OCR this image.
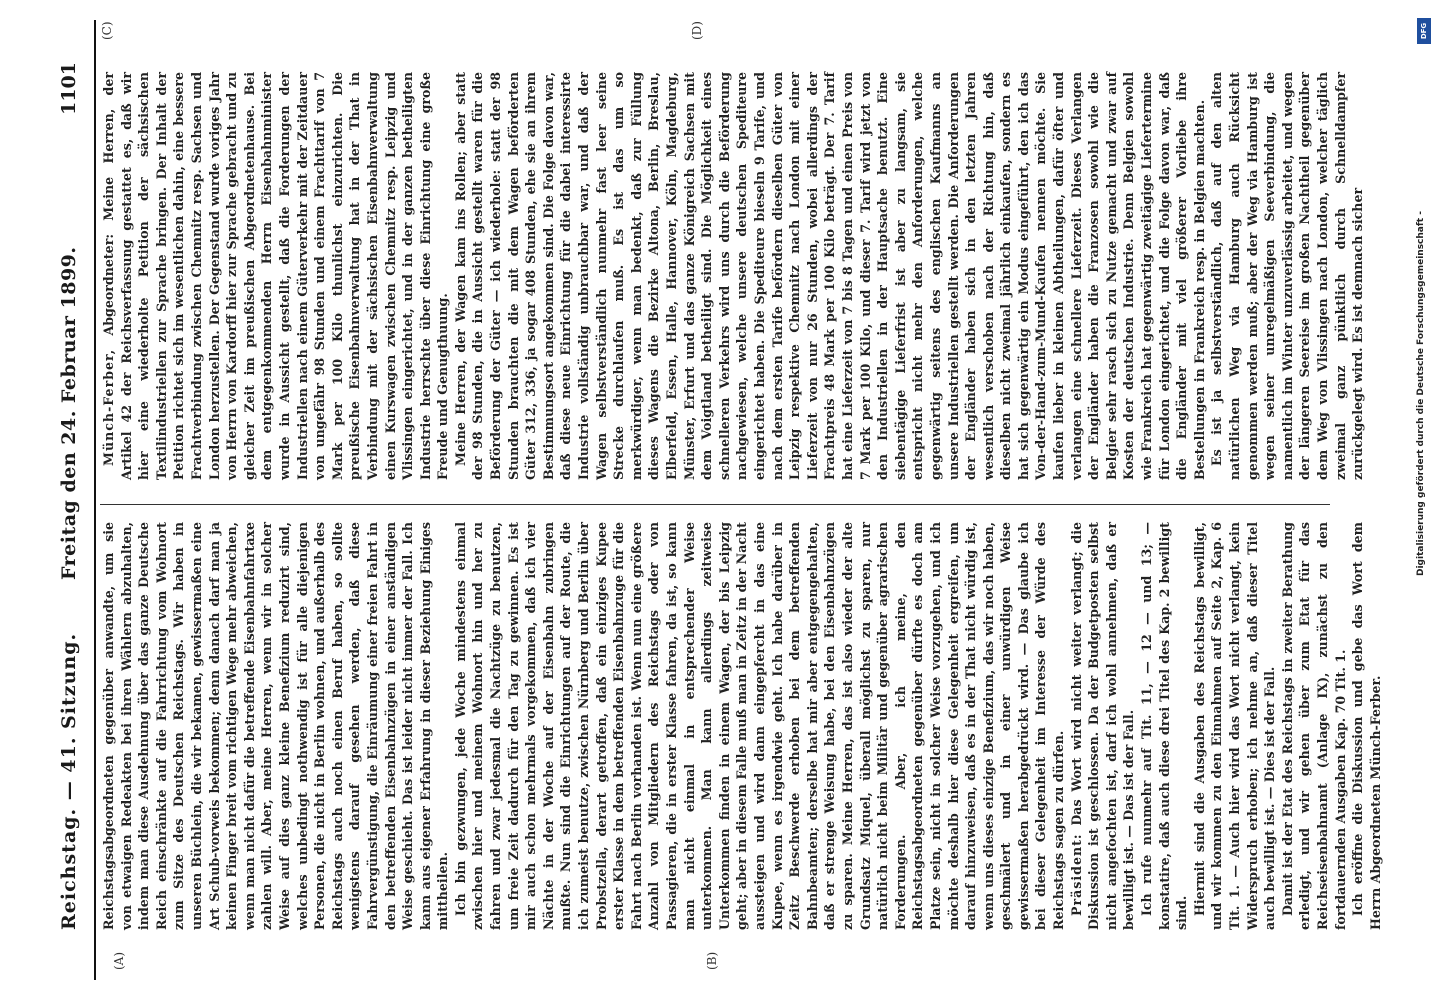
Reichstag. — 41. Sitzung.
Freitag den 24. Februar 1899.
1101
(A)	(B)
(C)	(D)

Reichstagsabgeordneten gegenüber anwandte, um sie von etwaigen Redeakten bei ihren Wählern abzuhalten, indem man diese Ausdehnung über das ganze Deutsche Reich einschränkte auf die Fahrrichtung vom Wohnort zum Sitze des Deutschen Reichstags. Wir haben in unseren Büchlein, die wir bekamen, gewissermaßen eine Art Schub-vorweis bekommen; denn danach darf man ja keinen Finger breit vom richtigen Wege mehr abweichen, wenn man nicht dafür die betreffende Eisenbahnfahrtaxe zahlen will. Aber, meine Herren, wenn wir in solcher Weise auf dies ganz kleine Benefizium reduzirt sind, welches unbedingt nothwendig ist für alle diejenigen Personen, die nicht in Berlin wohnen, und außerhalb des Reichstags auch noch einen Beruf haben, so sollte wenigstens darauf gesehen werden, daß diese Fahrvergünstigung, die Einräumung einer freien Fahrt in den betreffenden Eisenbahnzügen in einer anständigen Weise geschieht. Das ist leider nicht immer der Fall. Ich kann aus eigener Erfahrung in dieser Beziehung Einiges mittheilen. Ich bin gezwungen, jede Woche mindestens einmal zwischen hier und meinem Wohnort hin und her zu fahren und zwar jedesmal die Nachtzüge zu benutzen, um freie Zeit dadurch für den Tag zu gewinnen. Es ist mir auch schon mehrmals vorgekommen, daß ich vier Nächte in der Woche auf der Eisenbahn zubringen mußte. Nun sind die Einrichtungen auf der Route, die ich zumeist benutze, zwischen Nürnberg und Berlin über Probstzella, derart getroffen, daß ein einziges Kupee erster Klasse in dem betreffenden Eisenbahnzuge für die Fahrt nach Berlin vorhanden ist. Wenn nun eine größere Anzahl von Mitgliedern des Reichstags oder von Passagieren, die in erster Klasse fahren, da ist, so kann man nicht einmal in entsprechender Weise unterkommen. Man kann allerdings zeitweise Unterkommen finden in einem Wagen, der bis Leipzig geht; aber in diesem Falle muß man in Zeitz in der Nacht aussteigen und wird dann eingepfercht in das eine Kupee, wenn es irgendwie geht. Ich habe darüber in Zeitz Beschwerde erhoben bei dem betreffenden Bahnbeamten; derselbe hat mir aber entgegengehalten, daß er strenge Weisung habe, bei den Eisenbahnzügen zu sparen. Meine Herren, das ist also wieder der alte Grundsatz Miquel, überall möglichst zu sparen, nur natürlich nicht beim Militär und gegenüber agrarischen Forderungen. Aber, ich meine, den Reichstagsabgeordneten gegenüber dürfte es doch am Platze sein, nicht in solcher Weise vorzugehen, und ich möchte deshalb hier diese Gelegenheit ergreifen, um darauf hinzuweisen, daß es in der That nicht würdig ist, wenn uns dieses einzige Benefizium, das wir noch haben, geschmälert und in einer unwürdigen Weise gewissermaßen herabgedrückt wird. — Das glaube ich bei dieser Gelegenheit im Interesse der Würde des Reichstags sagen zu dürfen. Präsident: Das Wort wird nicht weiter verlangt; die Diskussion ist geschlossen. Da der Budgetposten selbst nicht angefochten ist, darf ich wohl annehmen, daß er bewilligt ist. — Das ist der Fall. Ich rufe nunmehr auf Tit. 11, — 12 — und 13; — konstatire, daß auch diese drei Titel des Kap. 2 bewilligt sind. Hiermit sind die Ausgaben des Reichstags bewilligt, und wir kommen zu den Einnahmen auf Seite 2, Kap. 6 Tit. 1. — Auch hier wird das Wort nicht verlangt, kein Widerspruch erhoben; ich nehme an, daß dieser Titel auch bewilligt ist. — Dies ist der Fall. Damit ist der Etat des Reichstags in zweiter Berathung erledigt, und wir gehen über zum Etat für das Reichseisenbahnamt (Anlage IX), zunächst zu den fortdauernden Ausgaben Kap. 70 Tit. 1. Ich eröffne die Diskussion und gebe das Wort dem Herrn Abgeordneten Münch-Ferber.

Münch-Ferber, Abgeordneter: Meine Herren, der Artikel 42 der Reichsverfassung gestattet es, daß wir hier eine wiederholte Petition der sächsischen Textilindustriellen zur Sprache bringen. Der Inhalt der Petition richtet sich im wesentlichen dahin, eine bessere Frachtverbindung zwischen Chemnitz resp. Sachsen und London herzustellen. Der Gegenstand wurde voriges Jahr von Herrn von Kardorff hier zur Sprache gebracht und zu gleicher Zeit im preußischen Abgeordnetenhause. Bei dem entgegenkommenden Herrn Eisenbahnminister wurde in Aussicht gestellt, daß die Forderungen der Industriellen nach einem Güterverkehr mit der Zeitdauer von ungefähr 98 Stunden und einem Frachttarif von 7 Mark per 100 Kilo thunlichst einzurichten. Die preußische Eisenbahnverwaltung hat in der That in Verbindung mit der sächsischen Eisenbahnverwaltung einen Kurswagen zwischen Chemnitz resp. Leipzig und Vlissingen eingerichtet, und in der ganzen betheiligten Industrie herrschte über diese Einrichtung eine große Freude und Genugthuung. Meine Herren, der Wagen kam ins Rollen; aber statt der 98 Stunden, die in Aussicht gestellt waren für die Beförderung der Güter — ich wiederhole: statt der 98 Stunden brauchten die mit dem Wagen beförderten Güter 312, 336, ja sogar 408 Stunden, ehe sie an ihrem Bestimmungsort angekommen sind. Die Folge davon war, daß diese neue Einrichtung für die dabei interessirte Industrie vollständig unbrauchbar war, und daß der Wagen selbstverständlich nunmehr fast leer seine Strecke durchlaufen muß. Es ist das um so merkwürdiger, wenn man bedenkt, daß zur Füllung dieses Wagens die Bezirke Altona, Berlin, Breslau, Elberfeld, Essen, Halle, Hannover, Köln, Magdeburg, Münster, Erfurt und das ganze Königreich Sachsen mit dem Voigtland betheiligt sind. Die Möglichkeit eines schnelleren Verkehrs wird uns durch die Beförderung nachgewiesen, welche unsere deutschen Spediteure eingerichtet haben. Die Spediteure bieseln 9 Tarife, und nach dem ersten Tarife befördern dieselben Güter von Leipzig respektive Chemnitz nach London mit einer Lieferzeit von nur 26 Stunden, wobei allerdings der Frachtpreis 48 Mark per 100 Kilo beträgt. Der 7. Tarif hat eine Lieferzeit von 7 bis 8 Tagen und einen Preis von 7 Mark per 100 Kilo, und dieser 7. Tarif wird jetzt von den Industriellen in der Hauptsache benutzt. Eine siebentägige Lieferfrist ist aber zu langsam, sie entspricht nicht mehr den Anforderungen, welche gegenwärtig seitens des englischen Kaufmanns an unsere Industriellen gestellt werden. Die Anforderungen der Engländer haben sich in den letzten Jahren wesentlich verschoben nach der Richtung hin, daß dieselben nicht zweimal jährlich einkaufen, sondern es hat sich gegenwärtig ein Modus eingeführt, den ich das Von-der-Hand-zum-Mund-Kaufen nennen möchte. Sie kaufen lieber in kleinen Abtheilungen, dafür öfter und verlangen eine schnellere Lieferzeit. Dieses Verlangen der Engländer haben die Franzosen sowohl wie die Belgier sehr rasch sich zu Nutze gemacht und zwar auf Kosten der deutschen Industrie. Denn Belgien sowohl wie Frankreich hat gegenwärtig zweitägige Liefertermine für London eingerichtet, und die Folge davon war, daß die Engländer mit viel größerer Vorliebe ihre Bestellungen in Frankreich resp. in Belgien machten. Es ist ja selbstverständlich, daß auf den alten natürlichen Weg via Hamburg auch Rücksicht genommen werden muß; aber der Weg via Hamburg ist wegen seiner unregelmäßigen Seeverbindung, die namentlich im Winter unzuverlässig arbeitet, und wegen der längeren Seereise im großen Nachtheil gegenüber dem Weg von Vlissingen nach London, welcher täglich zweimal ganz pünktlich durch Schnelldampfer zurückgelegt wird. Es ist demnach sicher	Digitalisierung gefördert durch die Deutsche Forschungsgemeinschaft -
DFG
